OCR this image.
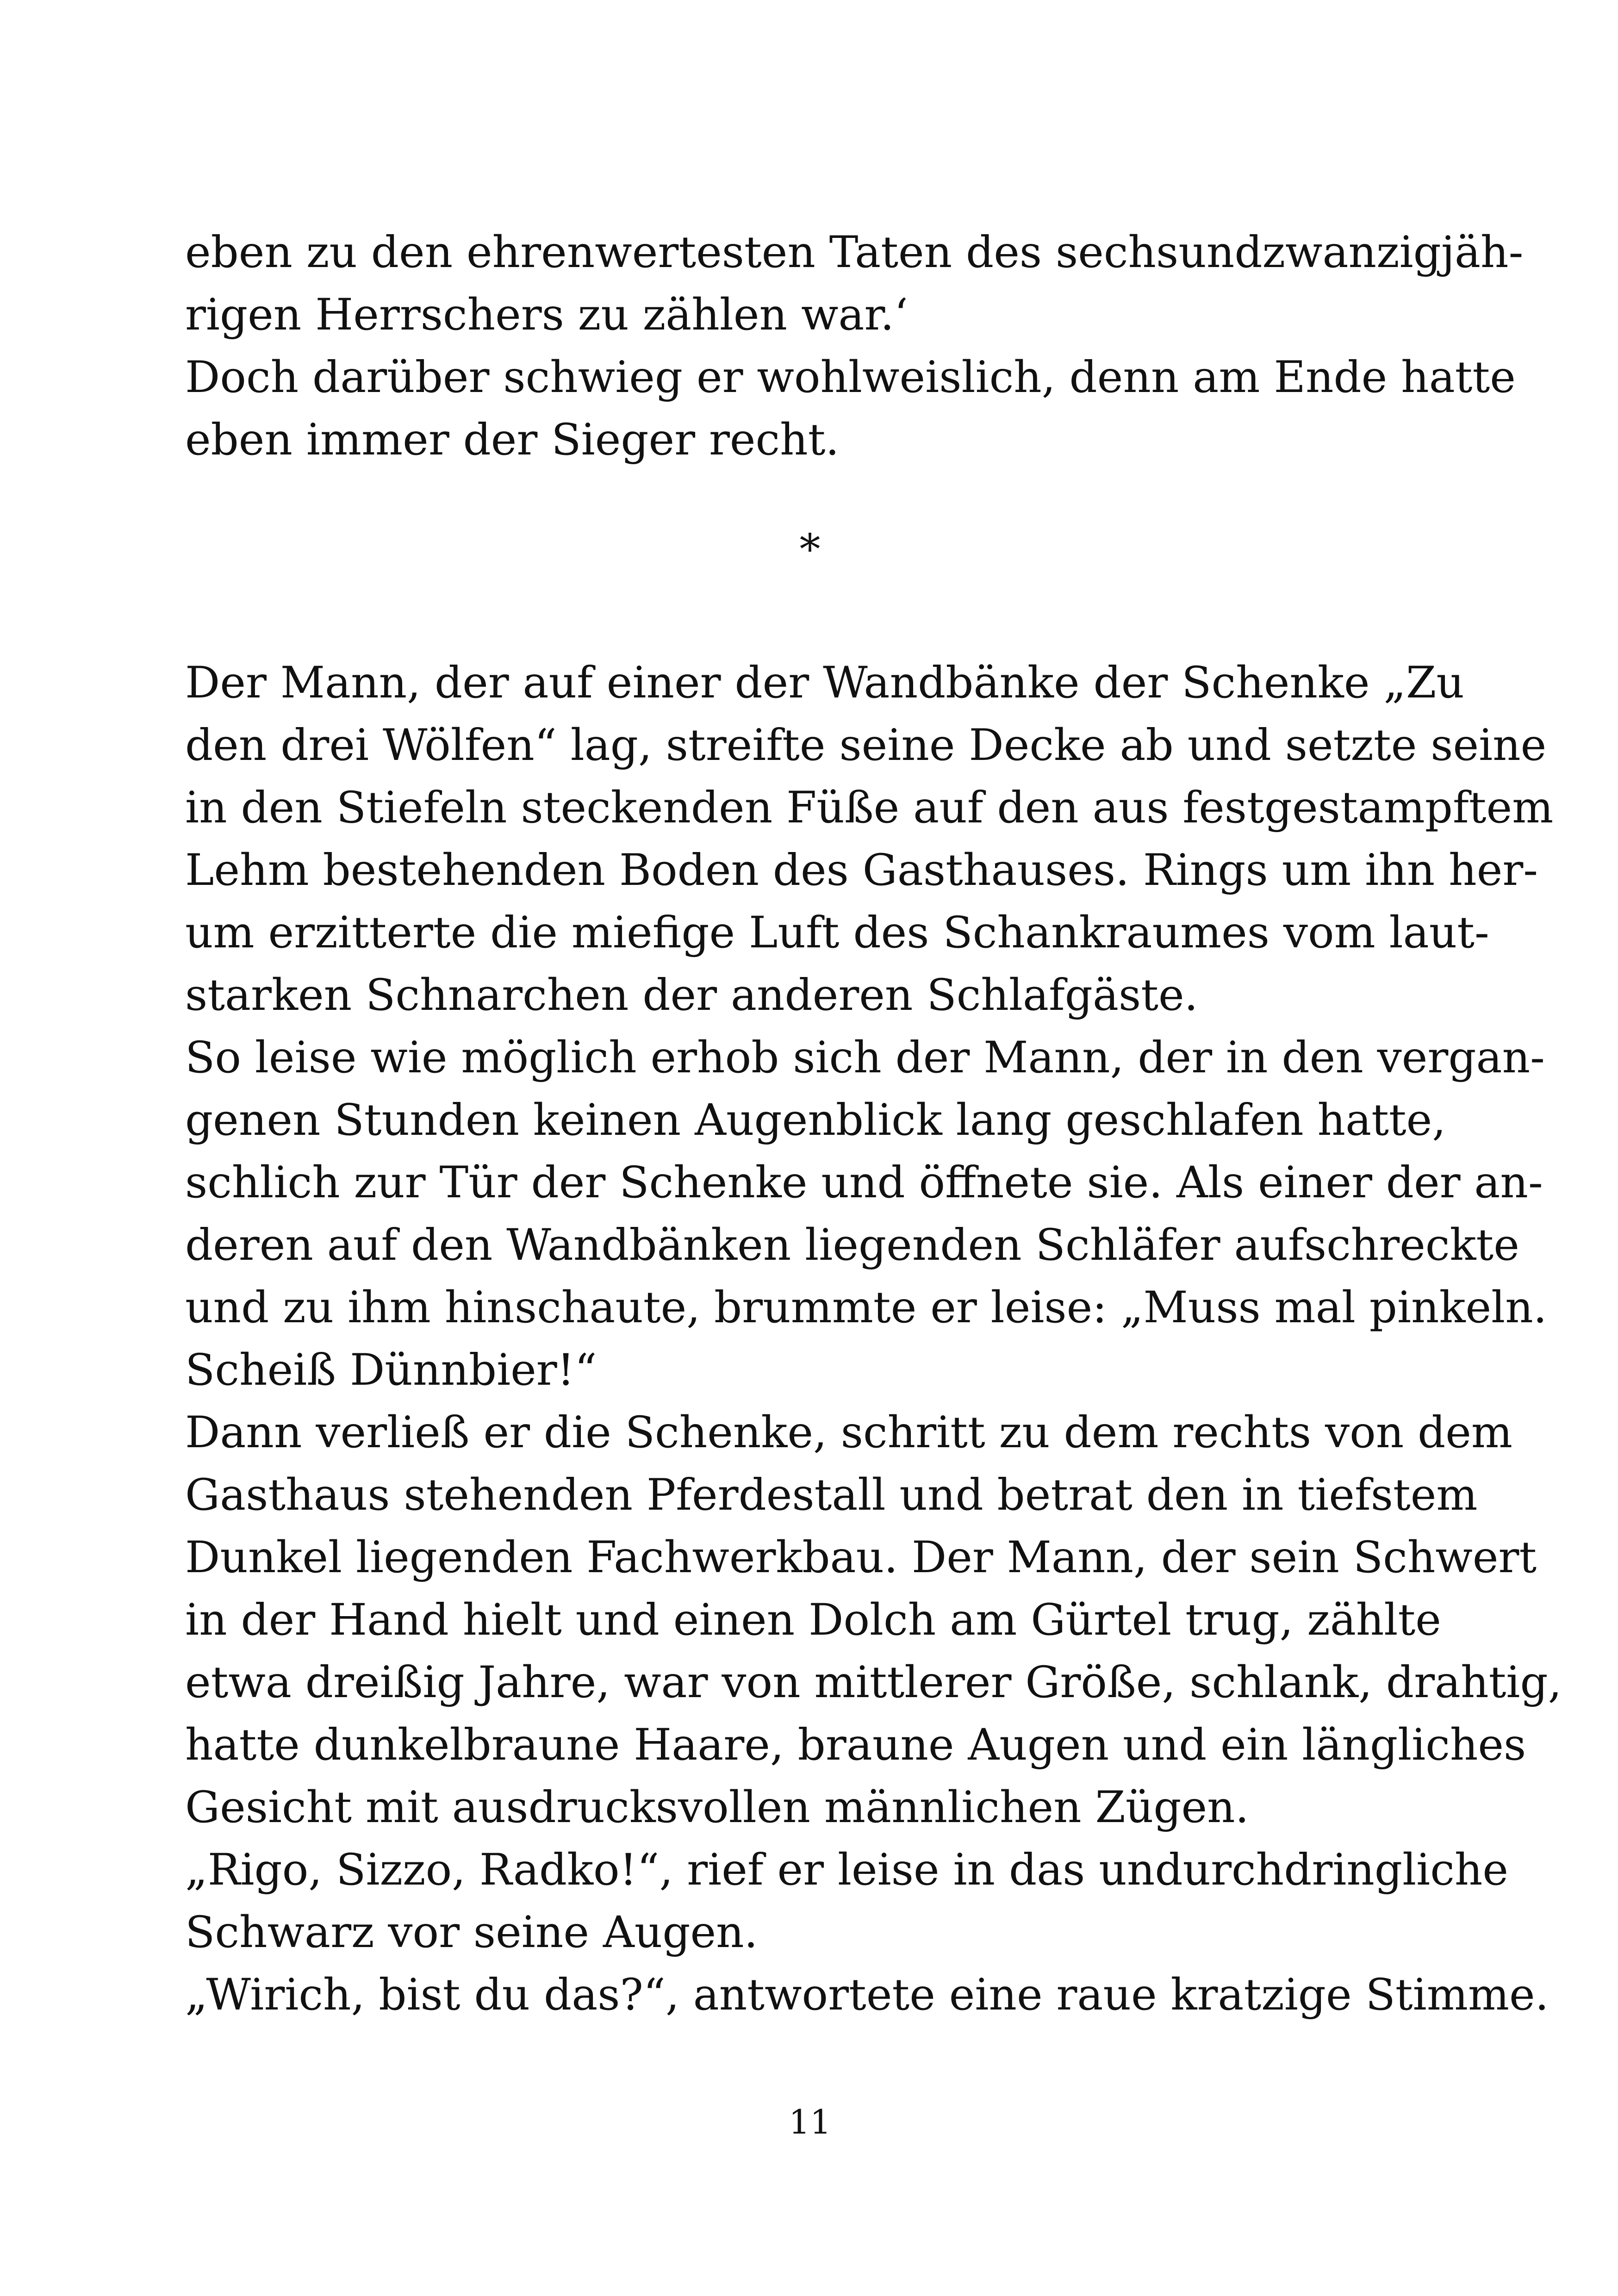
eben zu den ehrenwertesten Taten des sechsundzwanzigjäh-
rigen Herrschers zu zählen war.‘
Doch darüber schwieg er wohlweislich, denn am Ende hatte
eben immer der Sieger recht.
*
Der Mann, der auf einer der Wandbänke der Schenke „Zu
den drei Wölfen“ lag, streifte seine Decke ab und setzte seine
in den Stiefeln steckenden Füße auf den aus festgestampftem
Lehm bestehenden Boden des Gasthauses. Rings um ihn her-
um erzitterte die miefige Luft des Schankraumes vom laut-
starken Schnarchen der anderen Schlafgäste.
So leise wie möglich erhob sich der Mann, der in den vergan-
genen Stunden keinen Augenblick lang geschlafen hatte,
schlich zur Tür der Schenke und öffnete sie. Als einer der an-
deren auf den Wandbänken liegenden Schläfer aufschreckte
und zu ihm hinschaute, brummte er leise: „Muss mal pinkeln.
Scheiß Dünnbier!“
Dann verließ er die Schenke, schritt zu dem rechts von dem
Gasthaus stehenden Pferdestall und betrat den in tiefstem
Dunkel liegenden Fachwerkbau. Der Mann, der sein Schwert
in der Hand hielt und einen Dolch am Gürtel trug, zählte
etwa dreißig Jahre, war von mittlerer Größe, schlank, drahtig,
hatte dunkelbraune Haare, braune Augen und ein längliches
Gesicht mit ausdrucksvollen männlichen Zügen.
„Rigo, Sizzo, Radko!“, rief er leise in das undurchdringliche
Schwarz vor seine Augen.
„Wirich, bist du das?“, antwortete eine raue kratzige Stimme.
11
